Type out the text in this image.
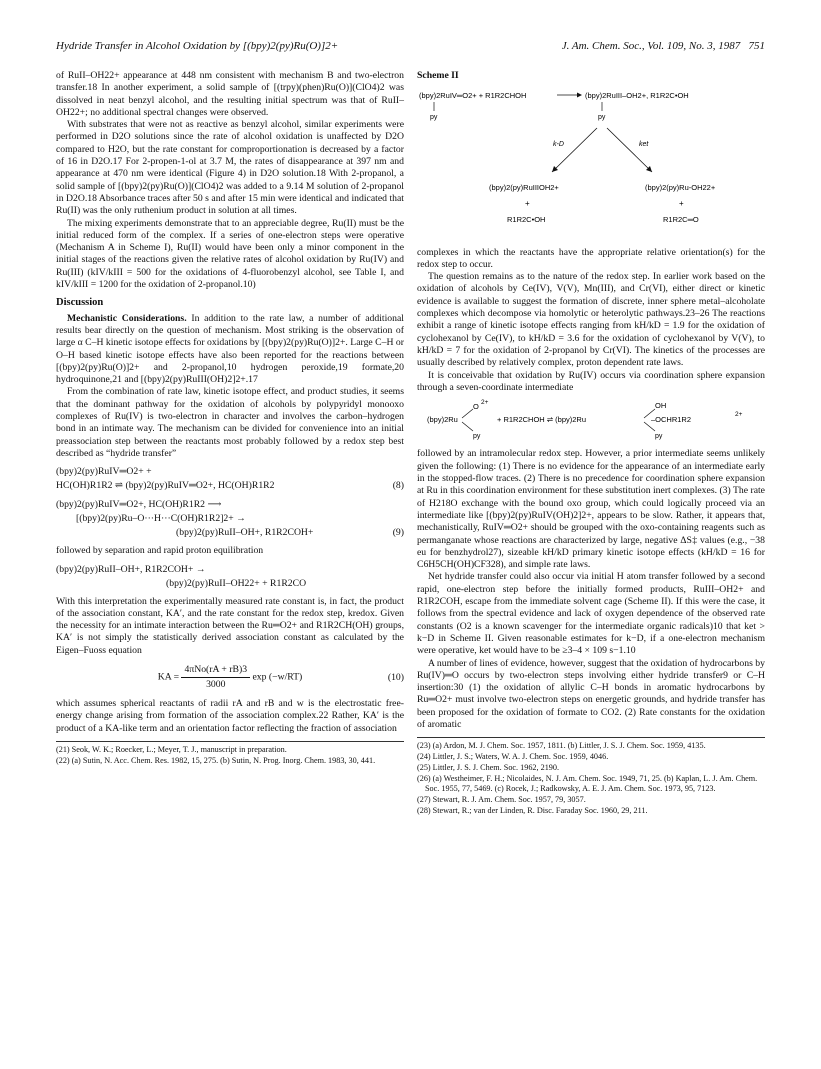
Hydride Transfer in Alcohol Oxidation by [(bpy)2(py)Ru(O)]2+	J. Am. Chem. Soc., Vol. 109, No. 3, 1987 751

of RuII–OH22+ appearance at 448 nm consistent with mechanism B and two-electron transfer.18 In another experiment, a solid sample of [(trpy)(phen)Ru(O)](ClO4)2 was dissolved in neat benzyl alcohol, and the resulting initial spectrum was that of RuII–OH22+; no additional spectral changes were observed.

With substrates that were not as reactive as benzyl alcohol, similar experiments were performed in D2O solutions since the rate of alcohol oxidation is unaffected by D2O compared to H2O, but the rate constant for comproportionation is decreased by a factor of 16 in D2O.17 For 2-propen-1-ol at 3.7 M, the rates of disappearance at 397 nm and appearance at 470 nm were identical (Figure 4) in D2O solution.18 With 2-propanol, a solid sample of [(bpy)2(py)Ru(O)](ClO4)2 was added to a 9.14 M solution of 2-propanol in D2O.18 Absorbance traces after 50 s and after 15 min were identical and indicated that Ru(II) was the only ruthenium product in solution at all times.

The mixing experiments demonstrate that to an appreciable degree, Ru(II) must be the initial reduced form of the complex. If a series of one-electron steps were operative (Mechanism A in Scheme I), Ru(II) would have been only a minor component in the initial stages of the reactions given the relative rates of alcohol oxidation by Ru(IV) and Ru(III) (kIV/kIII = 500 for the oxidations of 4-fluorobenzyl alcohol, see Table I, and kIV/kIII = 1200 for the oxidation of 2-propanol.10)

Discussion

Mechanistic Considerations. In addition to the rate law, a number of additional results bear directly on the question of mechanism. Most striking is the observation of large α C–H kinetic isotope effects for oxidations by [(bpy)2(py)Ru(O)]2+. Large C–H or O–H based kinetic isotope effects have also been reported for the reactions between [(bpy)2(py)Ru(O)]2+ and 2-propanol,10 hydrogen peroxide,19 formate,20 hydroquinone,21 and [(bpy)2(py)RuIII(OH)2]2+.17

From the combination of rate law, kinetic isotope effect, and product studies, it seems that the dominant pathway for the oxidation of alcohols by polypyridyl monooxo complexes of Ru(IV) is two-electron in character and involves the carbon–hydrogen bond in an intimate way. The mechanism can be divided for convenience into an initial preassociation step between the reactants most probably followed by a redox step best described as “hydride transfer”

(bpy)2(py)RuIV═O2+ +
HC(OH)R1R2 ⇌ (bpy)2(py)RuIV═O2+, HC(OH)R1R2	(8)
(bpy)2(py)RuIV═O2+, HC(OH)R1R2 ⟶
[(bpy)2(py)Ru–O···H···C(OH)R1R2]2+ →
(bpy)2(py)RuII–OH+, R1R2COH+	(9)

followed by separation and rapid proton equilibration

(bpy)2(py)RuII–OH+, R1R2COH+ →
(bpy)2(py)RuII–OH22+ + R1R2CO

With this interpretation the experimentally measured rate constant is, in fact, the product of the association constant, KA′, and the rate constant for the redox step, kredox. Given the necessity for an intimate interaction between the Ru═O2+ and R1R2CH(OH) groups, KA′ is not simply the statistically derived association constant as calculated by the Eigen–Fuoss equation

KA = $\frac{\text{4πNo(rA + rB)3}}{3000}$ exp (−w/RT)	(10)

which assumes spherical reactants of radii rA and rB and w is the electrostatic free-energy change arising from formation of the association complex.22 Rather, KA′ is the product of a KA-like term and an orientation factor reflecting the fraction of association

(21) Seok, W. K.; Roecker, L.; Meyer, T. J., manuscript in preparation.
(22) (a) Sutin, N. Acc. Chem. Res. 1982, 15, 275. (b) Sutin, N. Prog. Inorg. Chem. 1983, 30, 441.
Scheme II
(bpy)2RuIV═O2+ + R1R2CHOH	(bpy)2RuIII–OH2+, R1R2C•OH
py	py
k-D	ket
(bpy)2(py)RuIIIOH2+
+
R1R2C•OH
(bpy)2(py)Ru-OH22+
+
R1R2C═O

complexes in which the reactants have the appropriate relative orientation(s) for the redox step to occur.

The question remains as to the nature of the redox step. In earlier work based on the oxidation of alcohols by Ce(IV), V(V), Mn(III), and Cr(VI), either direct or kinetic evidence is available to suggest the formation of discrete, inner sphere metal–alcoholate complexes which decompose via homolytic or heterolytic pathways.23–26 The reactions exhibit a range of kinetic isotope effects ranging from kH/kD = 1.9 for the oxidation of cyclohexanol by Ce(IV), to kH/kD = 3.6 for the oxidation of cyclohexanol by V(V), to kH/kD = 7 for the oxidation of 2-propanol by Cr(VI). The kinetics of the processes are usually described by relatively complex, proton dependent rate laws.

It is conceivable that oxidation by Ru(IV) occurs via coordination sphere expansion through a seven-coordinate intermediate

(bpy)2Ru
O 2+
py
+ R1R2CHOH ⇌ (bpy)2Ru
OH
–OCHR1R2
2+
py

followed by an intramolecular redox step. However, a prior intermediate seems unlikely given the following: (1) There is no evidence for the appearance of an intermediate early in the stopped-flow traces. (2) There is no precedence for coordination sphere expansion at Ru in this coordination environment for these substitution inert complexes. (3) The rate of H218O exchange with the bound oxo group, which could logically proceed via an intermediate like [(bpy)2(py)RuIV(OH)2]2+, appears to be slow. Rather, it appears that, mechanistically, RuIV═O2+ should be grouped with the oxo-containing reagents such as permanganate whose reactions are characterized by large, negative ΔS‡ values (e.g., −38 eu for benzhydrol27), sizeable kH/kD primary kinetic isotope effects (kH/kD = 16 for C6H5CH(OH)CF328), and simple rate laws.

Net hydride transfer could also occur via initial H atom transfer followed by a second rapid, one-electron step before the initially formed products, RuIII–OH2+ and R1R2COH, escape from the immediate solvent cage (Scheme II). If this were the case, it follows from the spectral evidence and lack of oxygen dependence of the observed rate constants (O2 is a known scavenger for the intermediate organic radicals)10 that ket > k−D in Scheme II. Given reasonable estimates for k−D, if a one-electron mechanism were operative, ket would have to be ≥3–4 × 109 s−1.10

A number of lines of evidence, however, suggest that the oxidation of hydrocarbons by Ru(IV)═O occurs by two-electron steps involving either hydride transfer9 or C–H insertion:30 (1) the oxidation of allylic C–H bonds in aromatic hydrocarbons by Ru═O2+ must involve two-electron steps on energetic grounds, and hydride transfer has been proposed for the oxidation of formate to CO2. (2) Rate constants for the oxidation of aromatic

(23) (a) Ardon, M. J. Chem. Soc. 1957, 1811. (b) Littler, J. S. J. Chem. Soc. 1959, 4135.
(24) Littler, J. S.; Waters, W. A. J. Chem. Soc. 1959, 4046.
(25) Littler, J. S. J. Chem. Soc. 1962, 2190.
(26) (a) Westheimer, F. H.; Nicolaides, N. J. Am. Chem. Soc. 1949, 71, 25. (b) Kaplan, L. J. Am. Chem. Soc. 1955, 77, 5469. (c) Rocek, J.; Radkowsky, A. E. J. Am. Chem. Soc. 1973, 95, 7123.
(27) Stewart, R. J. Am. Chem. Soc. 1957, 79, 3057.
(28) Stewart, R.; van der Linden, R. Disc. Faraday Soc. 1960, 29, 211.
